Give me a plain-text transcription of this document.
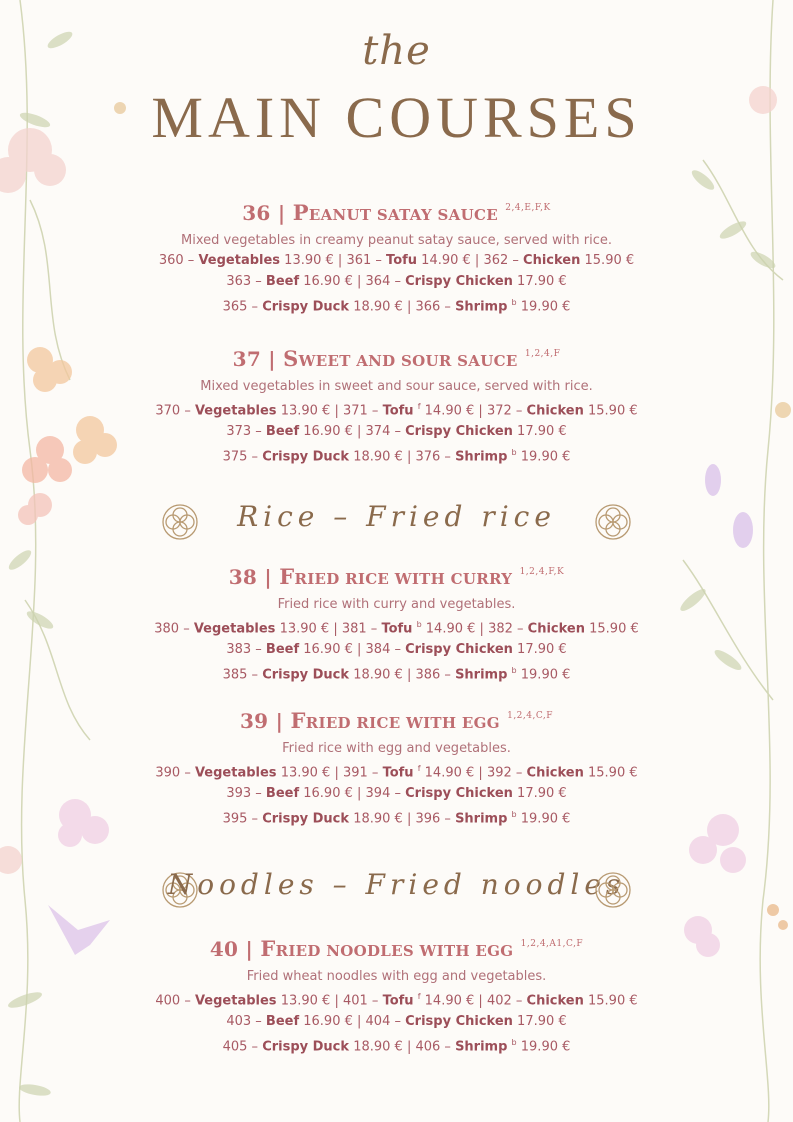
the
MAIN COURSES
36 | PEANUT SATAY SAUCE $^{2,4,E,F,K}$
Mixed vegetables in creamy peanut satay sauce, served with rice.
360 – Vegetables 13.90 € | 361 – Tofu 14.90 € | 362 – Chicken 15.90 €
363 – Beef 16.90 € | 364 – Crispy Chicken 17.90 €
365 – Crispy Duck 18.90 € | 366 – Shrimp $^b$ 19.90 €
37 | SWEET AND SOUR SAUCE $^{1,2,4,F}$
Mixed vegetables in sweet and sour sauce, served with rice.
370 – Vegetables 13.90 € | 371 – Tofu $^f$ 14.90 € | 372 – Chicken 15.90 €
373 – Beef 16.90 € | 374 – Crispy Chicken 17.90 €
375 – Crispy Duck 18.90 € | 376 – Shrimp $^b$ 19.90 €
Rice – Fried rice
38 | FRIED RICE WITH CURRY $^{1,2,4,F,K}$
Fried rice with curry and vegetables.
380 – Vegetables 13.90 € | 381 – Tofu $^b$ 14.90 € | 382 – Chicken 15.90 €
383 – Beef 16.90 € | 384 – Crispy Chicken 17.90 €
385 – Crispy Duck 18.90 € | 386 – Shrimp $^b$ 19.90 €
39 | FRIED RICE WITH EGG $^{1,2,4,C,F}$
Fried rice with egg and vegetables.
390 – Vegetables 13.90 € | 391 – Tofu $^f$ 14.90 € | 392 – Chicken 15.90 €
393 – Beef 16.90 € | 394 – Crispy Chicken 17.90 €
395 – Crispy Duck 18.90 € | 396 – Shrimp $^b$ 19.90 €
Noodles – Fried noodles
40 | FRIED NOODLES WITH EGG $^{1,2,4,A1,C,F}$
Fried wheat noodles with egg and vegetables.
400 – Vegetables 13.90 € | 401 – Tofu $^f$ 14.90 € | 402 – Chicken 15.90 €
403 – Beef 16.90 € | 404 – Crispy Chicken 17.90 €
405 – Crispy Duck 18.90 € | 406 – Shrimp $^b$ 19.90 €
